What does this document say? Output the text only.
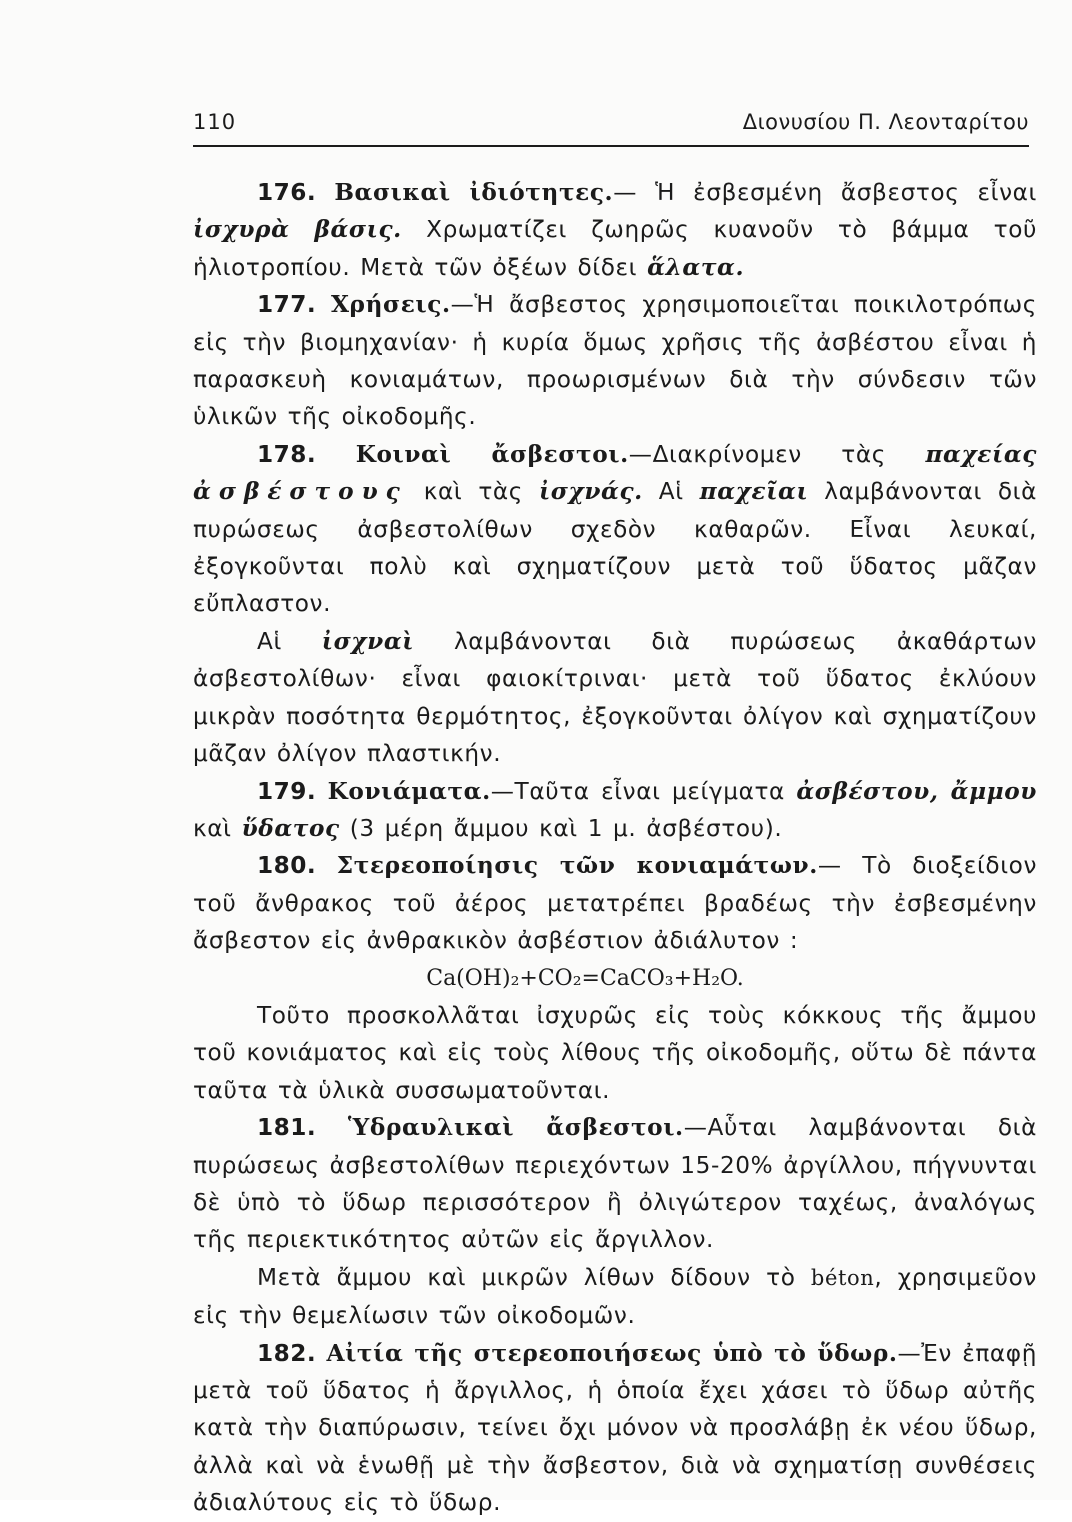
110	Διονυσίου Π. Λεονταρίτου

176. Βασικαὶ ἰδιότητες.— Ἡ ἐσβεσμένη ἄσβεστος εἶναι ἰσχυρὰ βάσις. Χρωματίζει ζωηρῶς κυανοῦν τὸ βάμμα τοῦ ἡλιοτροπίου. Μετὰ τῶν ὀξέων δίδει ἅλατα.

177. Χρήσεις.—Ἡ ἄσβεστος χρησιμοποιεῖται ποικιλοτρόπως εἰς τὴν βιομηχανίαν· ἡ κυρία ὅμως χρῆσις τῆς ἀσβέστου εἶναι ἡ παρασκευὴ κονιαμάτων, προωρισμένων διὰ τὴν σύνδεσιν τῶν ὑλικῶν τῆς οἰκοδομῆς.

178. Κοιναὶ ἄσβεστοι.—Διακρίνομεν τὰς παχείας ἀσβέστους καὶ τὰς ἰσχνάς. Αἱ παχεῖαι λαμβάνονται διὰ πυρώσεως ἀσβεστολίθων σχεδὸν καθαρῶν. Εἶναι λευκαί, ἐξογκοῦνται πολὺ καὶ σχηματίζουν μετὰ τοῦ ὕδατος μᾶζαν εὔπλαστον.

Αἱ ἰσχναὶ λαμβάνονται διὰ πυρώσεως ἀκαθάρτων ἀσβεστολίθων· εἶναι φαιοκίτριναι· μετὰ τοῦ ὕδατος ἐκλύουν μικρὰν ποσότητα θερμότητος, ἐξογκοῦνται ὀλίγον καὶ σχηματίζουν μᾶζαν ὀλίγον πλαστικήν.

179. Κονιάματα.—Ταῦτα εἶναι μείγματα ἀσβέστου, ἄμμου καὶ ὕδατος (3 μέρη ἄμμου καὶ 1 μ. ἀσβέστου).

180. Στερεοποίησις τῶν κονιαμάτων.— Τὸ διοξείδιον τοῦ ἄνθρακος τοῦ ἀέρος μετατρέπει βραδέως τὴν ἐσβεσμένην ἄσβεστον εἰς ἀνθρακικὸν ἀσβέστιον ἀδιάλυτον :

Ca(OH)₂+CO₂=CaCO₃+H₂O.

Τοῦτο προσκολλᾶται ἰσχυρῶς εἰς τοὺς κόκκους τῆς ἄμμου τοῦ κονιάματος καὶ εἰς τοὺς λίθους τῆς οἰκοδομῆς, οὕτω δὲ πάντα ταῦτα τὰ ὑλικὰ συσσωματοῦνται.

181. Ὑδραυλικαὶ ἄσβεστοι.—Αὗται λαμβάνονται διὰ πυρώσεως ἀσβεστολίθων περιεχόντων 15-20% ἀργίλλου, πήγνυνται δὲ ὑπὸ τὸ ὕδωρ περισσότερον ἢ ὀλιγώτερον ταχέως, ἀναλόγως τῆς περιεκτικότητος αὐτῶν εἰς ἄργιλλον.

Μετὰ ἄμμου καὶ μικρῶν λίθων δίδουν τὸ béton, χρησιμεῦον εἰς τὴν θεμελίωσιν τῶν οἰκοδομῶν.

182. Αἰτία τῆς στερεοποιήσεως ὑπὸ τὸ ὕδωρ.—Ἐν ἐπαφῇ μετὰ τοῦ ὕδατος ἡ ἄργιλλος, ἡ ὁποία ἔχει χάσει τὸ ὕδωρ αὐτῆς κατὰ τὴν διαπύρωσιν, τείνει ὄχι μόνον νὰ προσλάβῃ ἐκ νέου ὕδωρ, ἀλλὰ καὶ νὰ ἑνωθῇ μὲ τὴν ἄσβεστον, διὰ νὰ σχηματίσῃ συνθέσεις ἀδιαλύτους εἰς τὸ ὕδωρ.
